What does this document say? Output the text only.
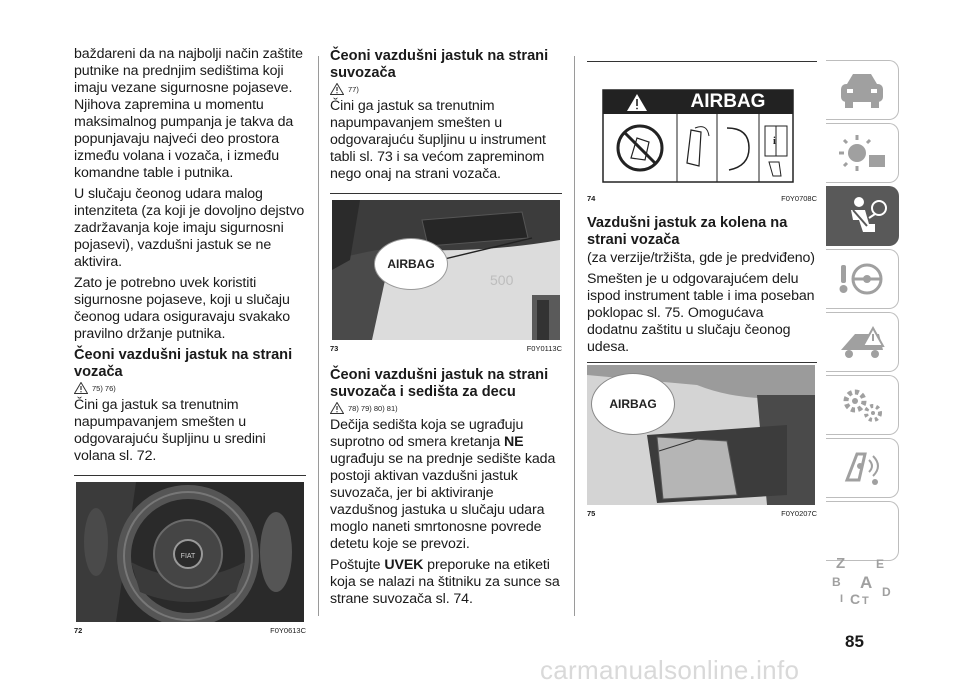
baždareni da na najbolji način zaštite putnike na prednjim sedištima koji imaju vezane sigurnosne pojaseve. Njihova zapremina u momentu maksimalnog pumpanja je takva da popunjavaju najveći deo prostora između volana i vozača, i između komandne table i putnika.

U slučaju čeonog udara malog intenziteta (za koji je dovoljno dejstvo zadržavanja koje imaju sigurnosni pojasevi), vazdušni jastuk se ne aktivira.

Zato je potrebno uvek koristiti sigurnosne pojaseve, koji u slučaju čeonog udara osiguravaju svakako pravilno držanje putnika.

Čeoni vazdušni jastuk na strani vozača
75) 76)

Čini ga jastuk sa trenutnim napumpavanjem smešten u odgovarajuću šupljinu u sredini volana sl. 72.

FIAT
72	F0Y0613C
Čeoni vazdušni jastuk na strani suvozača
77)

Čini ga jastuk sa trenutnim napumpavanjem smešten u odgovarajuću šupljinu u instrument tabli sl. 73 i sa većom zapreminom nego onaj na strani vozača.

500
AIRBAG
73	F0Y0113C
Čeoni vazdušni jastuk na strani suvozača i sedišta za decu
78) 79) 80) 81)

Dečija sedišta koja se ugrađuju suprotno od smera kretanja NE ugrađuju se na prednje sedište kada postoji aktivan vazdušni jastuk suvozača, jer bi aktiviranje vazdušnog jastuka u slučaju udara moglo naneti smrtonosne povrede detetu koje se prevozi.

Poštujte UVEK preporuke na etiketi koja se nalazi na štitniku za sunce sa strane suvozača sl. 74.

i
AIRBAG
74	F0Y0708C
Vazdušni jastuk za kolena na strani vozača

(za verzije/tržišta, gde je predviđeno)

Smešten je u odgovarajućem delu ispod instrument table i ima poseban poklopac sl. 75. Omogućava dodatnu zaštitu u slučaju čeonog udesa.

AIRBAG
75	F0Y0207C
Z	E
B A
C T
D
I
85
carmanualsonline.info
